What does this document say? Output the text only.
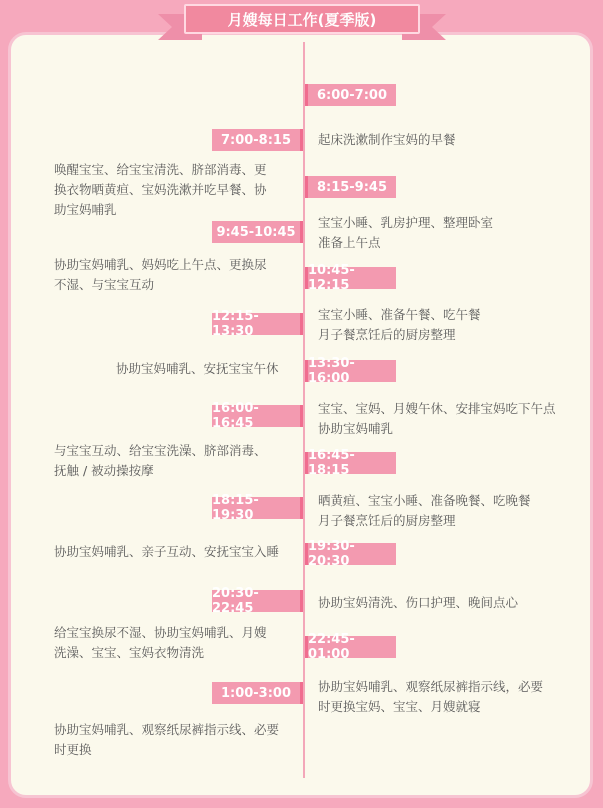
月嫂每日工作(夏季版)
6:00-7:00
7:00-8:15
8:15-9:45
9:45-10:45
10:45-12:15
12:15-13:30
13:30-16:00
16:00-16:45
16:45-18:15
18:15-19:30
19:30-20:30
20:30-22:45
22:45-01:00
1:00-3:00
起床洗漱制作宝妈的早餐
唤醒宝宝、给宝宝清洗、脐部消毒、更
换衣物晒黄疸、宝妈洗漱并吃早餐、协
助宝妈哺乳
宝宝小睡、乳房护理、整理卧室
准备上午点
协助宝妈哺乳、妈妈吃上午点、更换尿
不湿、与宝宝互动
宝宝小睡、准备午餐、吃午餐
月子餐烹饪后的厨房整理
协助宝妈哺乳、安抚宝宝午休
宝宝、宝妈、月嫂午休、安排宝妈吃下午点
协助宝妈哺乳
与宝宝互动、给宝宝洗澡、脐部消毒、
抚触 / 被动操按摩
晒黄疸、宝宝小睡、准备晚餐、吃晚餐
月子餐烹饪后的厨房整理
协助宝妈哺乳、亲子互动、安抚宝宝入睡
协助宝妈清洗、伤口护理、晚间点心
给宝宝换尿不湿、协助宝妈哺乳、月嫂
洗澡、宝宝、宝妈衣物清洗
协助宝妈哺乳、观察纸尿裤指示线，必要
时更换宝妈、宝宝、月嫂就寝
协助宝妈哺乳、观察纸尿裤指示线、必要
时更换
